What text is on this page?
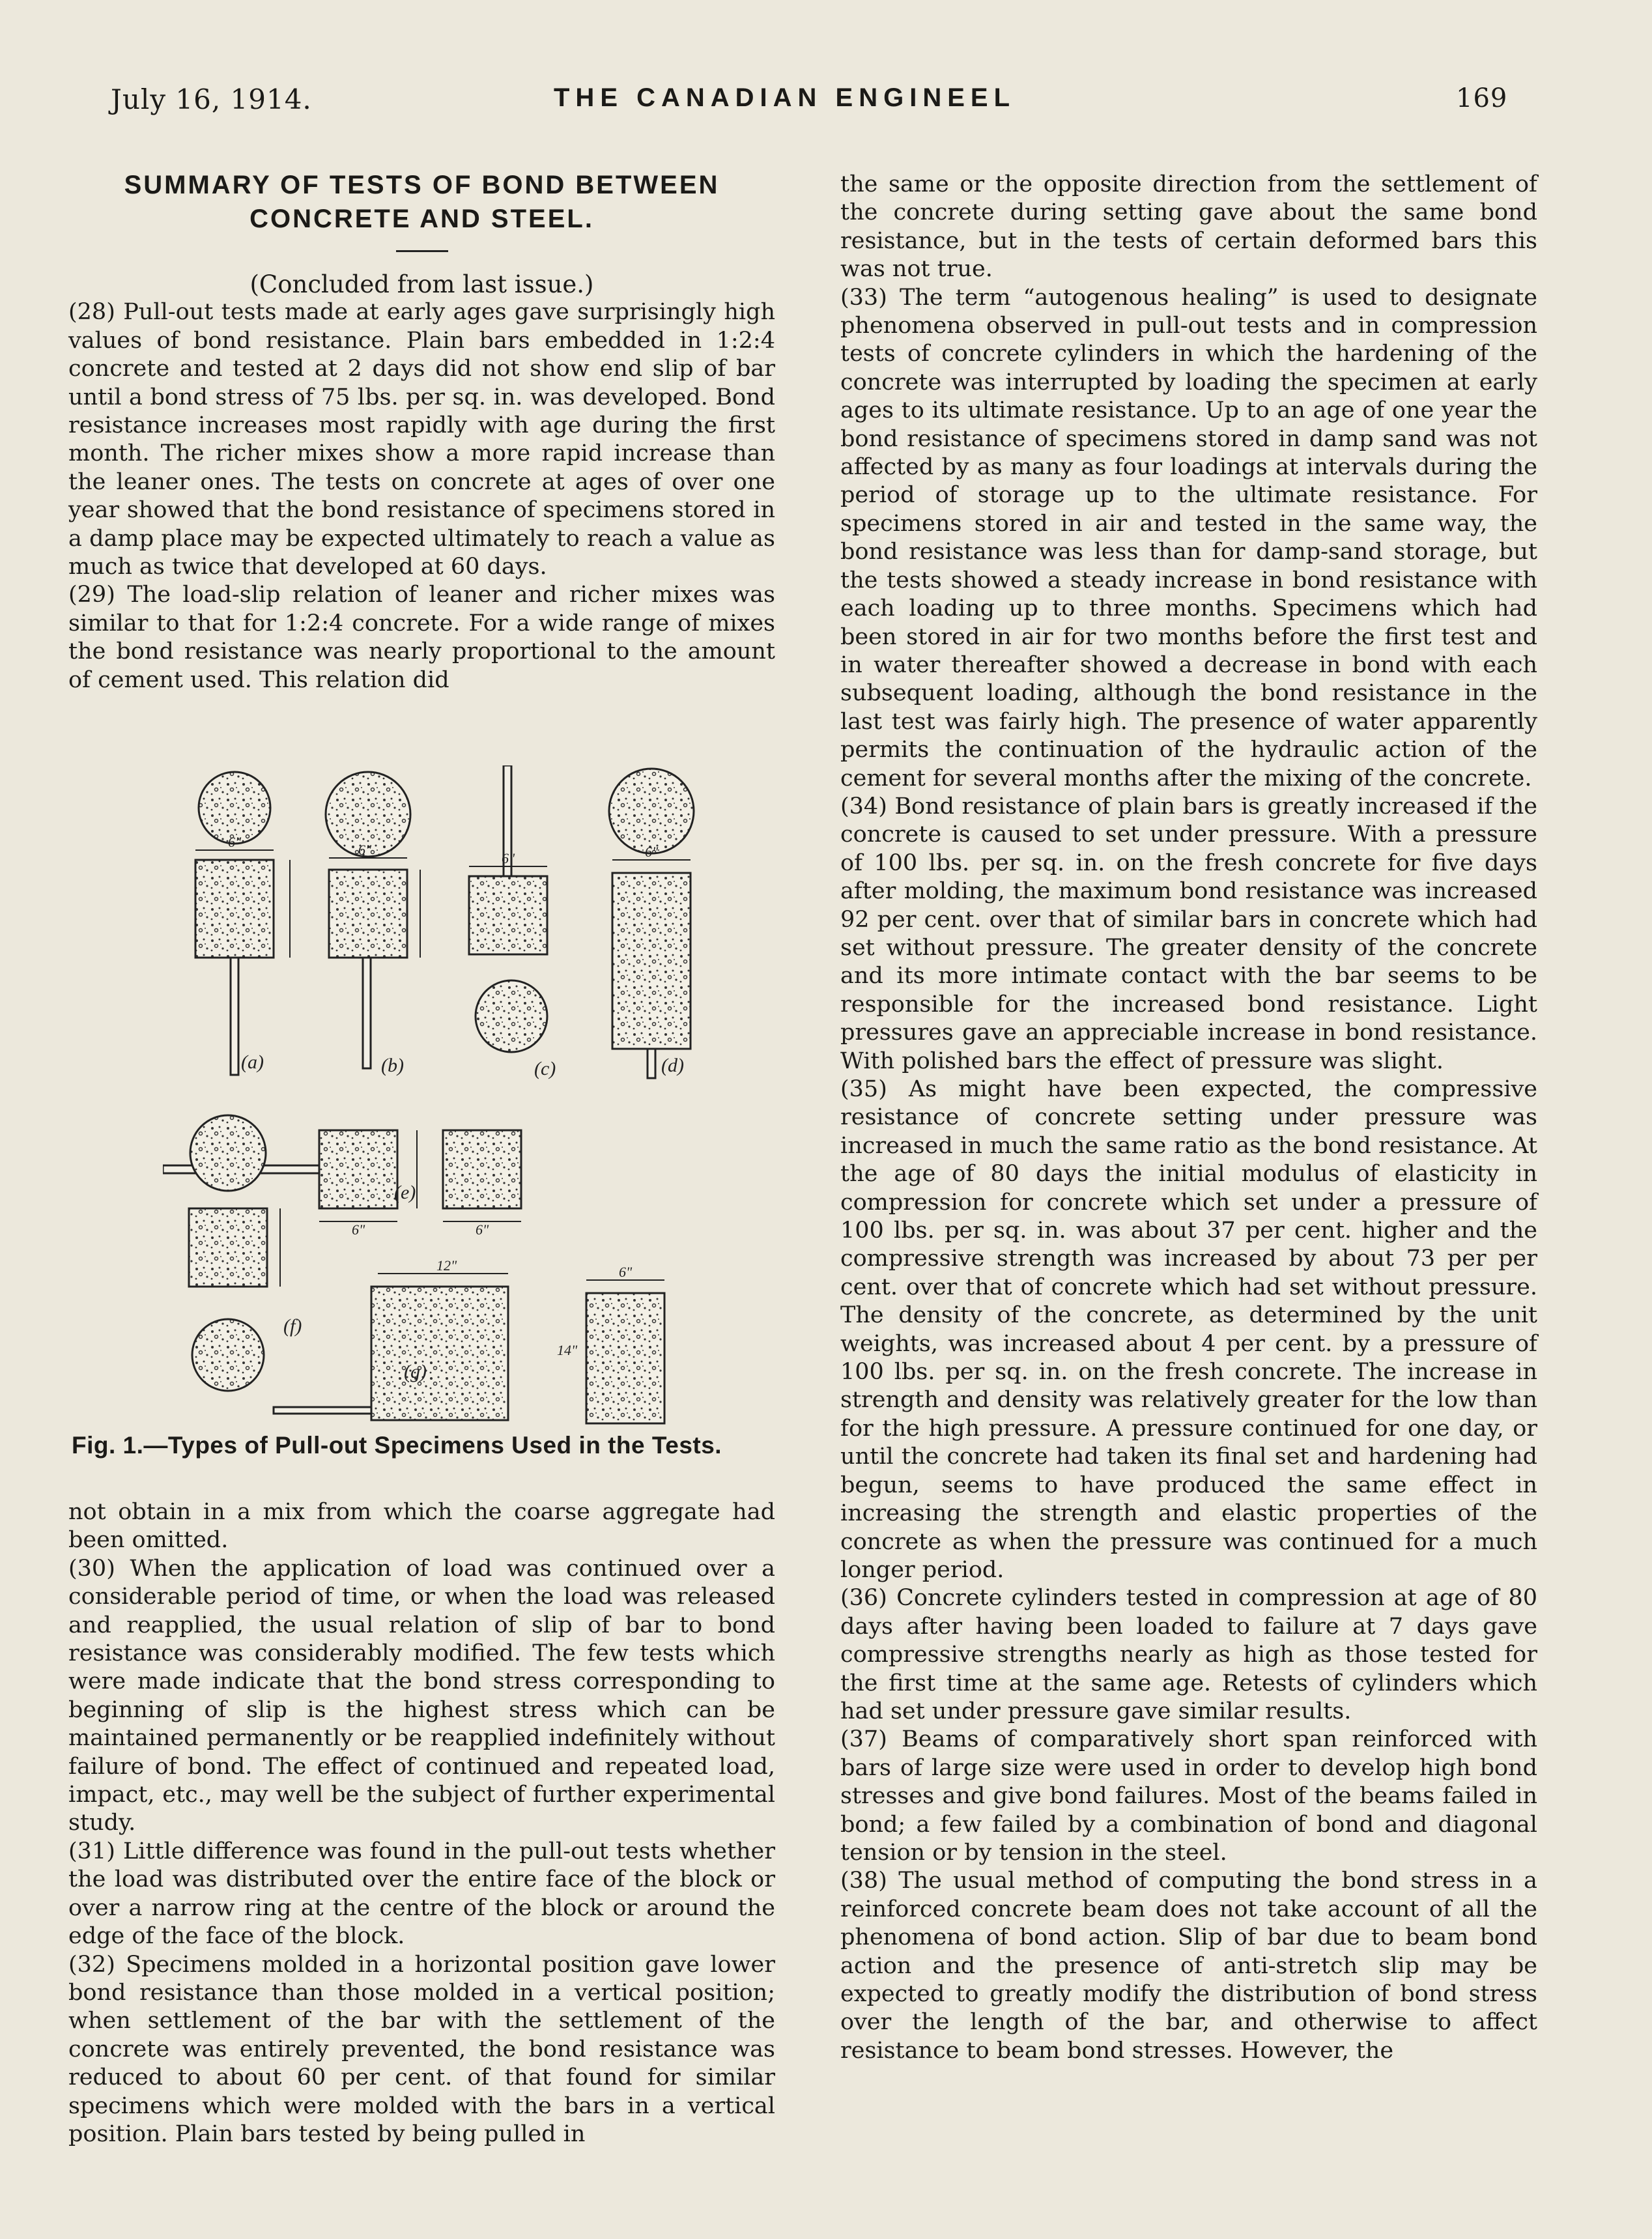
July 16, 1914.	THE CANADIAN ENGINEEL	169

SUMMARY OF TESTS OF BOND BETWEEN

CONCRETE AND STEEL.

(Concluded from last issue.)

(28) Pull-out tests made at early ages gave surprisingly high values of bond resistance. Plain bars embedded in 1:2:4 concrete and tested at 2 days did not show end slip of bar until a bond stress of 75 lbs. per sq. in. was developed. Bond resistance increases most rapidly with age during the first month. The richer mixes show a more rapid increase than the leaner ones. The tests on concrete at ages of over one year showed that the bond resistance of specimens stored in a damp place may be expected ultimately to reach a value as much as twice that developed at 60 days.

(29) The load-slip relation of leaner and richer mixes was similar to that for 1:2:4 concrete. For a wide range of mixes the bond resistance was nearly proportional to the amount of cement used. This relation did

(a)	(b)	(c)	(d)
(e)
(f)
(g)
6"	6"
6"	6"
6"	6"
12"	6"
14"
Fig. 1.—Types of Pull-out Specimens Used in the Tests.

not obtain in a mix from which the coarse aggregate had been omitted.

(30) When the application of load was continued over a considerable period of time, or when the load was released and reapplied, the usual relation of slip of bar to bond resistance was considerably modified. The few tests which were made indicate that the bond stress corresponding to beginning of slip is the highest stress which can be maintained permanently or be reapplied indefinitely without failure of bond. The effect of continued and repeated load, impact, etc., may well be the subject of further experimental study.

(31) Little difference was found in the pull-out tests whether the load was distributed over the entire face of the block or over a narrow ring at the centre of the block or around the edge of the face of the block.

(32) Specimens molded in a horizontal position gave lower bond resistance than those molded in a vertical position; when settlement of the bar with the settlement of the concrete was entirely prevented, the bond resistance was reduced to about 60 per cent. of that found for similar specimens which were molded with the bars in a vertical position. Plain bars tested by being pulled in

the same or the opposite direction from the settlement of the concrete during setting gave about the same bond resistance, but in the tests of certain deformed bars this was not true.

(33) The term “autogenous healing” is used to designate phenomena observed in pull-out tests and in compression tests of concrete cylinders in which the hardening of the concrete was interrupted by loading the specimen at early ages to its ultimate resistance. Up to an age of one year the bond resistance of specimens stored in damp sand was not affected by as many as four loadings at intervals during the period of storage up to the ultimate resistance. For specimens stored in air and tested in the same way, the bond resistance was less than for damp-sand storage, but the tests showed a steady increase in bond resistance with each loading up to three months. Specimens which had been stored in air for two months before the first test and in water thereafter showed a decrease in bond with each subsequent loading, although the bond resistance in the last test was fairly high. The presence of water apparently permits the continuation of the hydraulic action of the cement for several months after the mixing of the concrete.

(34) Bond resistance of plain bars is greatly increased if the concrete is caused to set under pressure. With a pressure of 100 lbs. per sq. in. on the fresh concrete for five days after molding, the maximum bond resistance was increased 92 per cent. over that of similar bars in concrete which had set without pressure. The greater density of the concrete and its more intimate contact with the bar seems to be responsible for the increased bond resistance. Light pressures gave an appreciable increase in bond resistance. With polished bars the effect of pressure was slight.

(35) As might have been expected, the compressive resistance of concrete setting under pressure was increased in much the same ratio as the bond resistance. At the age of 80 days the initial modulus of elasticity in compression for concrete which set under a pressure of 100 lbs. per sq. in. was about 37 per cent. higher and the compressive strength was increased by about 73 per per cent. over that of concrete which had set without pressure. The density of the concrete, as determined by the unit weights, was increased about 4 per cent. by a pressure of 100 lbs. per sq. in. on the fresh concrete. The increase in strength and density was relatively greater for the low than for the high pressure. A pressure continued for one day, or until the concrete had taken its final set and hardening had begun, seems to have produced the same effect in increasing the strength and elastic properties of the concrete as when the pressure was continued for a much longer period.

(36) Concrete cylinders tested in compression at age of 80 days after having been loaded to failure at 7 days gave compressive strengths nearly as high as those tested for the first time at the same age. Retests of cylinders which had set under pressure gave similar results.

(37) Beams of comparatively short span reinforced with bars of large size were used in order to develop high bond stresses and give bond failures. Most of the beams failed in bond; a few failed by a combination of bond and diagonal tension or by tension in the steel.

(38) The usual method of computing the bond stress in a reinforced concrete beam does not take account of all the phenomena of bond action. Slip of bar due to beam bond action and the presence of anti-stretch slip may be expected to greatly modify the distribution of bond stress over the length of the bar, and otherwise to affect resistance to beam bond stresses. However, the
